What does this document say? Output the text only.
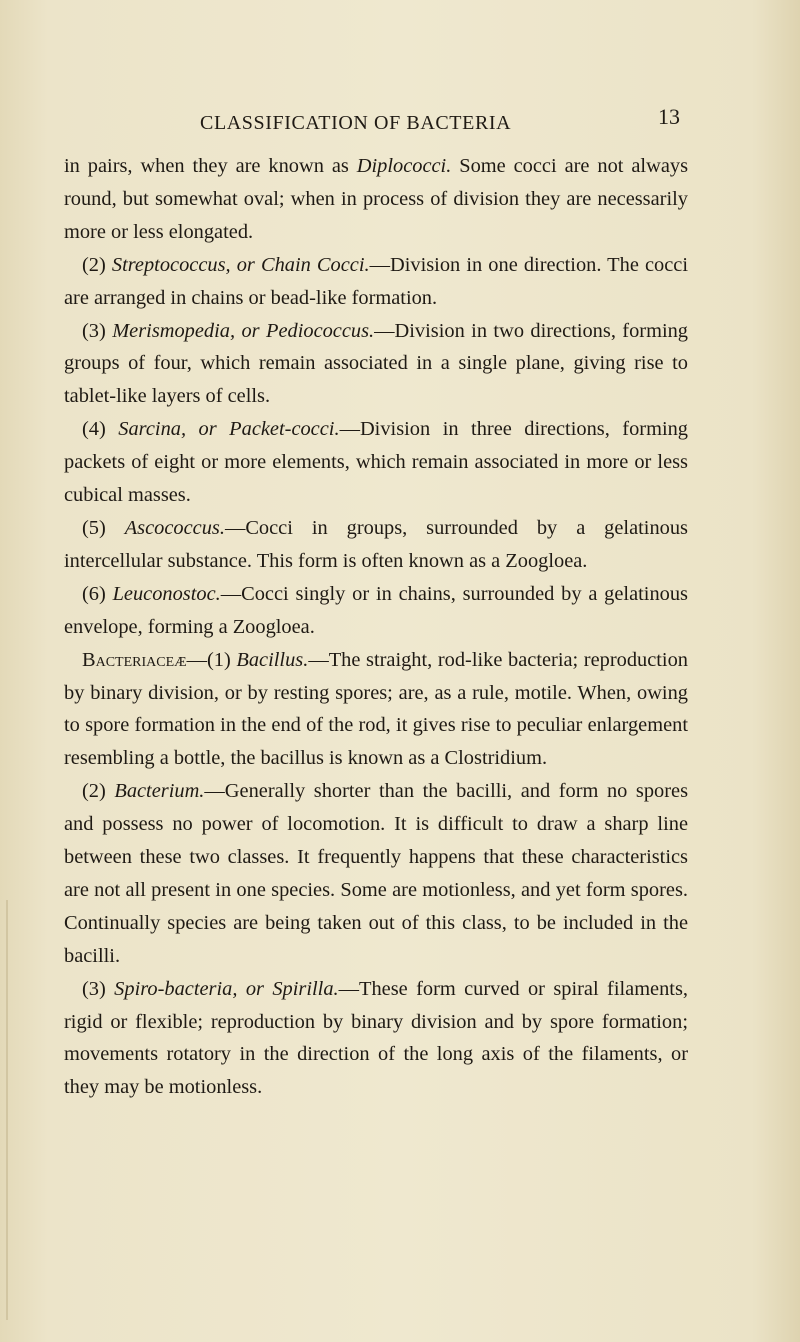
CLASSIFICATION OF BACTERIA	13

in pairs, when they are known as Diplococci. Some cocci are not always round, but somewhat oval; when in process of division they are necessarily more or less elongated.

(2) Streptococcus, or Chain Cocci.—Division in one direction. The cocci are arranged in chains or bead-like formation.

(3) Merismopedia, or Pediococcus.—Division in two directions, forming groups of four, which remain associated in a single plane, giving rise to tablet-like layers of cells.

(4) Sarcina, or Packet-cocci.—Division in three directions, forming packets of eight or more elements, which remain associated in more or less cubical masses.

(5) Ascococcus.—Cocci in groups, surrounded by a gelatinous intercellular substance. This form is often known as a Zoogloea.

(6) Leuconostoc.—Cocci singly or in chains, surrounded by a gelatinous envelope, forming a Zoogloea.

Bacteriaceæ—(1) Bacillus.—The straight, rod-like bacteria; reproduction by binary division, or by resting spores; are, as a rule, motile. When, owing to spore formation in the end of the rod, it gives rise to peculiar enlargement resembling a bottle, the bacillus is known as a Clostridium.

(2) Bacterium.—Generally shorter than the bacilli, and form no spores and possess no power of locomotion. It is difficult to draw a sharp line between these two classes. It frequently happens that these characteristics are not all present in one species. Some are motionless, and yet form spores. Continually species are being taken out of this class, to be included in the bacilli.

(3) Spiro-bacteria, or Spirilla.—These form curved or spiral filaments, rigid or flexible; reproduction by binary division and by spore formation; movements rotatory in the direction of the long axis of the filaments, or they may be motionless.
